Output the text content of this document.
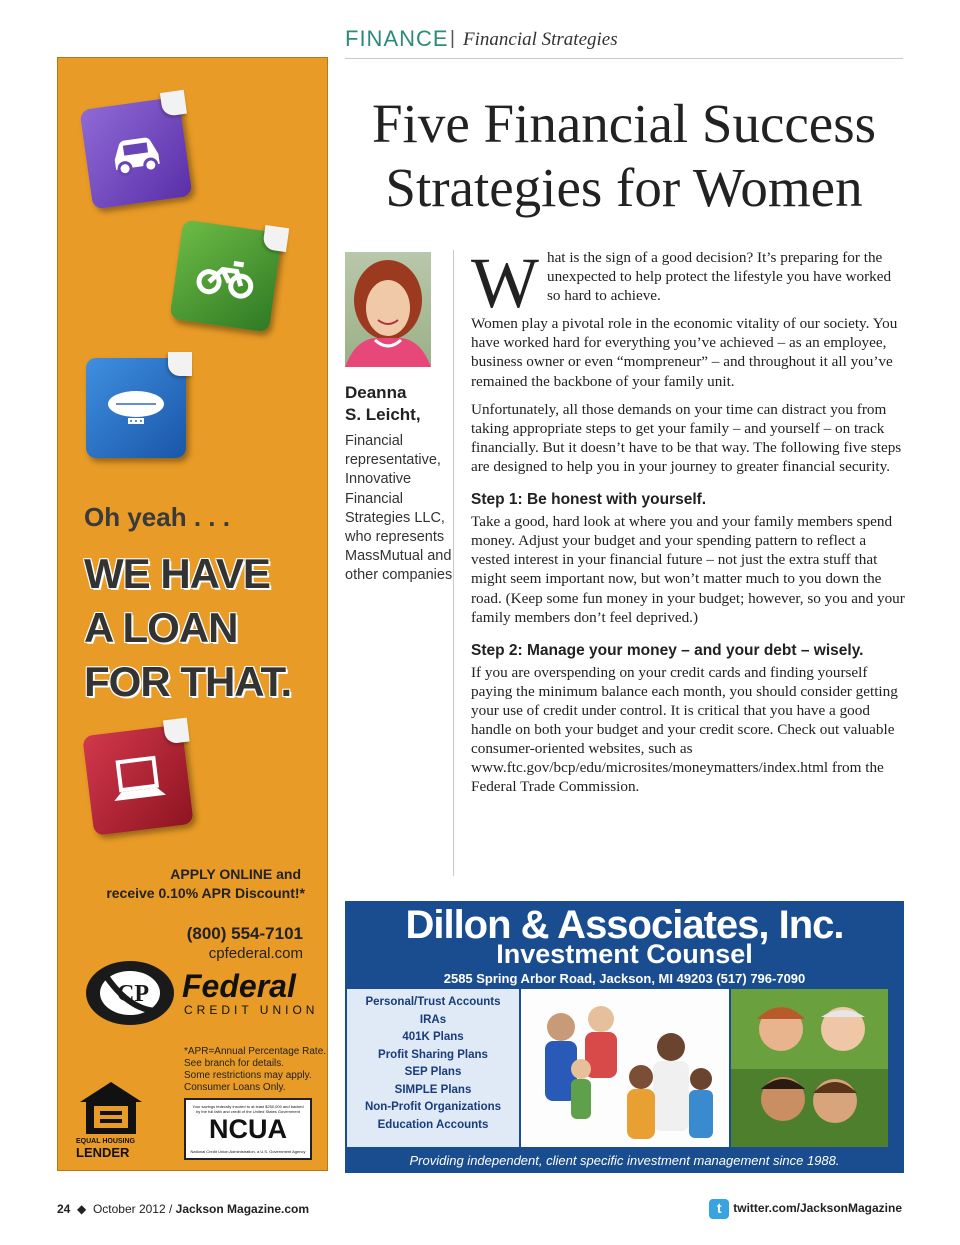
FINANCE | Financial Strategies
Oh yeah . . .
WE HAVE
A LOAN
FOR THAT.
APPLY ONLINE and
receive 0.10% APR Discount!*
(800) 554-7101
cpfederal.com
CP Federal
CREDIT UNION
*APR=Annual Percentage Rate.
See branch for details.
Some restrictions may apply.
Consumer Loans Only.
EQUAL HOUSING
LENDER
Your savings federally insured to at least $250,000 and backed by the full faith and credit of the United States Government
NCUA
National Credit Union Administration, a U.S. Government Agency
Five Financial Success
Strategies for Women
Deanna
S. Leicht,
Financial representative, Innovative Financial Strategies LLC, who represents MassMutual and other companies

What is the sign of a good decision? It’s preparing for the unexpected to help protect the lifestyle you have worked so hard to achieve.

Women play a pivotal role in the economic vitality of our society. You have worked hard for everything you’ve achieved – as an employee, business owner or even “mompreneur” – and throughout it all you’ve remained the backbone of your family unit.

Unfortunately, all those demands on your time can distract you from taking appropriate steps to get your family – and yourself – on track financially. But it doesn’t have to be that way. The following five steps are designed to help you in your journey to greater financial security.

Step 1: Be honest with yourself.

Take a good, hard look at where you and your family members spend money. Adjust your budget and your spending pattern to reflect a vested interest in your financial future – not just the extra stuff that might seem important now, but won’t matter much to you down the road. (Keep some fun money in your budget; however, so you and your family members don’t feel deprived.)

Step 2: Manage your money – and your debt – wisely.

If you are overspending on your credit cards and finding yourself paying the minimum balance each month, you should consider getting your use of credit under control. It is critical that you have a good handle on both your budget and your credit score. Check out valuable consumer-oriented websites, such as www.ftc.gov/bcp/edu/microsites/moneymatters/index.html from the Federal Trade Commission.

Dillon & Associates, Inc.
Investment Counsel
2585 Spring Arbor Road, Jackson, MI 49203 (517) 796-7090
Personal/Trust Accounts
IRAs
401K Plans
Profit Sharing Plans
SEP Plans
SIMPLE Plans
Non-Profit Organizations
Education Accounts
Providing independent, client specific investment management since 1988.
24 ◆ October 2012 / Jackson Magazine.com	t twitter.com/JacksonMagazine
